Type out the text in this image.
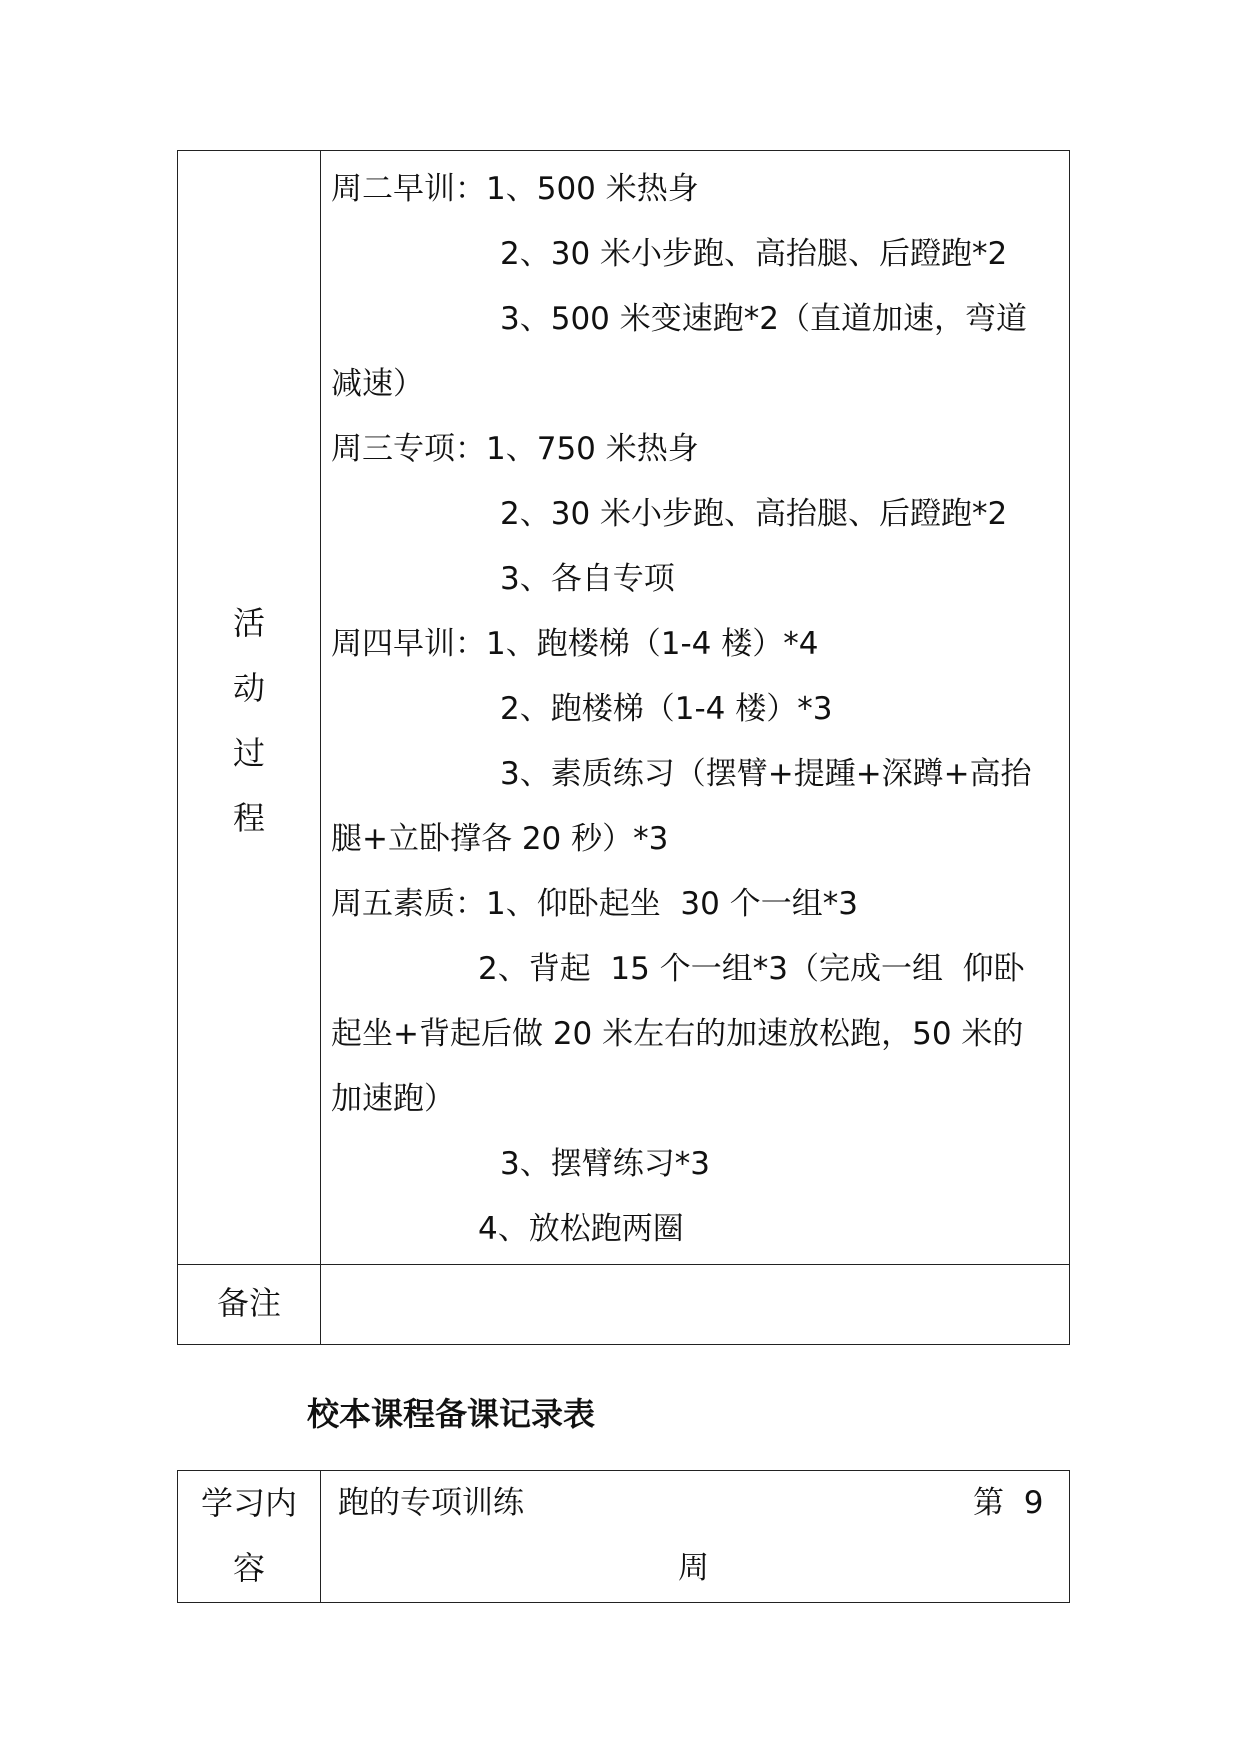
活
动
过
程
周二早训：1、500 米热身
2、30 米小步跑、高抬腿、后蹬跑*2
3、500 米变速跑*2（直道加速，弯道
减速）
周三专项：1、750 米热身
2、30 米小步跑、高抬腿、后蹬跑*2
3、各自专项
周四早训：1、跑楼梯（1-4 楼）*4
2、跑楼梯（1-4 楼）*3
3、素质练习（摆臂+提踵+深蹲+高抬
腿+立卧撑各 20 秒）*3
周五素质：1、仰卧起坐  30 个一组*3
2、背起  15 个一组*3（完成一组  仰卧
起坐+背起后做 20 米左右的加速放松跑，50 米的
加速跑）
3、摆臂练习*3
4、放松跑两圈
备注
校本课程备课记录表
学习内
容
跑的专项训练	第  9
周
